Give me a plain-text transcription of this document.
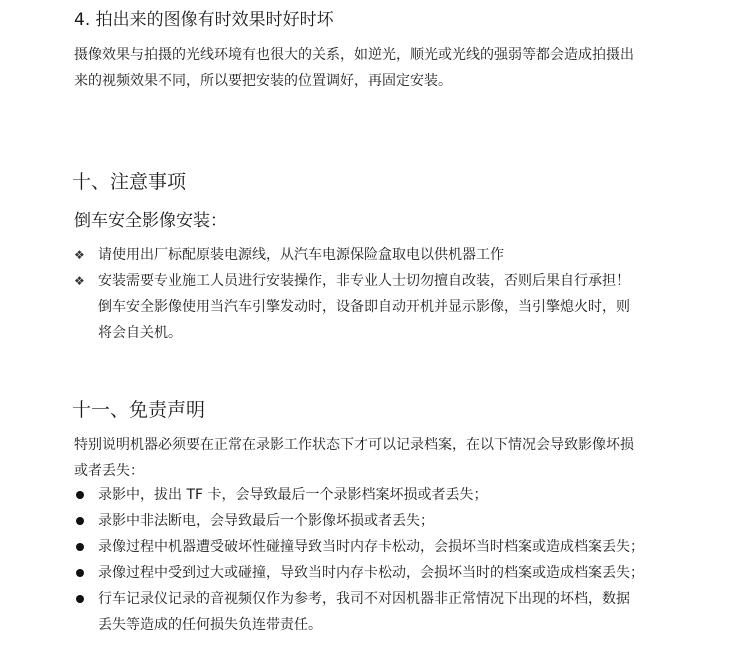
4. 拍出来的图像有时效果时好时坏
摄像效果与拍摄的光线环境有也很大的关系，如逆光，顺光或光线的强弱等都会造成拍摄出
来的视频效果不同，所以要把安装的位置调好，再固定安装。
十、注意事项
倒车安全影像安装：
❖ 请使用出厂标配原装电源线，从汽车电源保险盒取电以供机器工作
❖ 安装需要专业施工人员进行安装操作，非专业人士切勿擅自改装，否则后果自行承担！
倒车安全影像使用当汽车引擎发动时，设备即自动开机并显示影像，当引擎熄火时，则
将会自关机。
十一、免责声明
特别说明机器必须要在正常在录影工作状态下才可以记录档案，在以下情况会导致影像坏损
或者丢失：
录影中，拔出 TF 卡，会导致最后一个录影档案坏损或者丢失；
录影中非法断电，会导致最后一个影像坏损或者丢失；
录像过程中机器遭受破坏性碰撞导致当时内存卡松动，会损坏当时档案或造成档案丢失；
录像过程中受到过大或碰撞，导致当时内存卡松动，会损坏当时的档案或造成档案丢失；
行车记录仪记录的音视频仅作为参考，我司不对因机器非正常情况下出现的坏档，数据
丢失等造成的任何损失负连带责任。
